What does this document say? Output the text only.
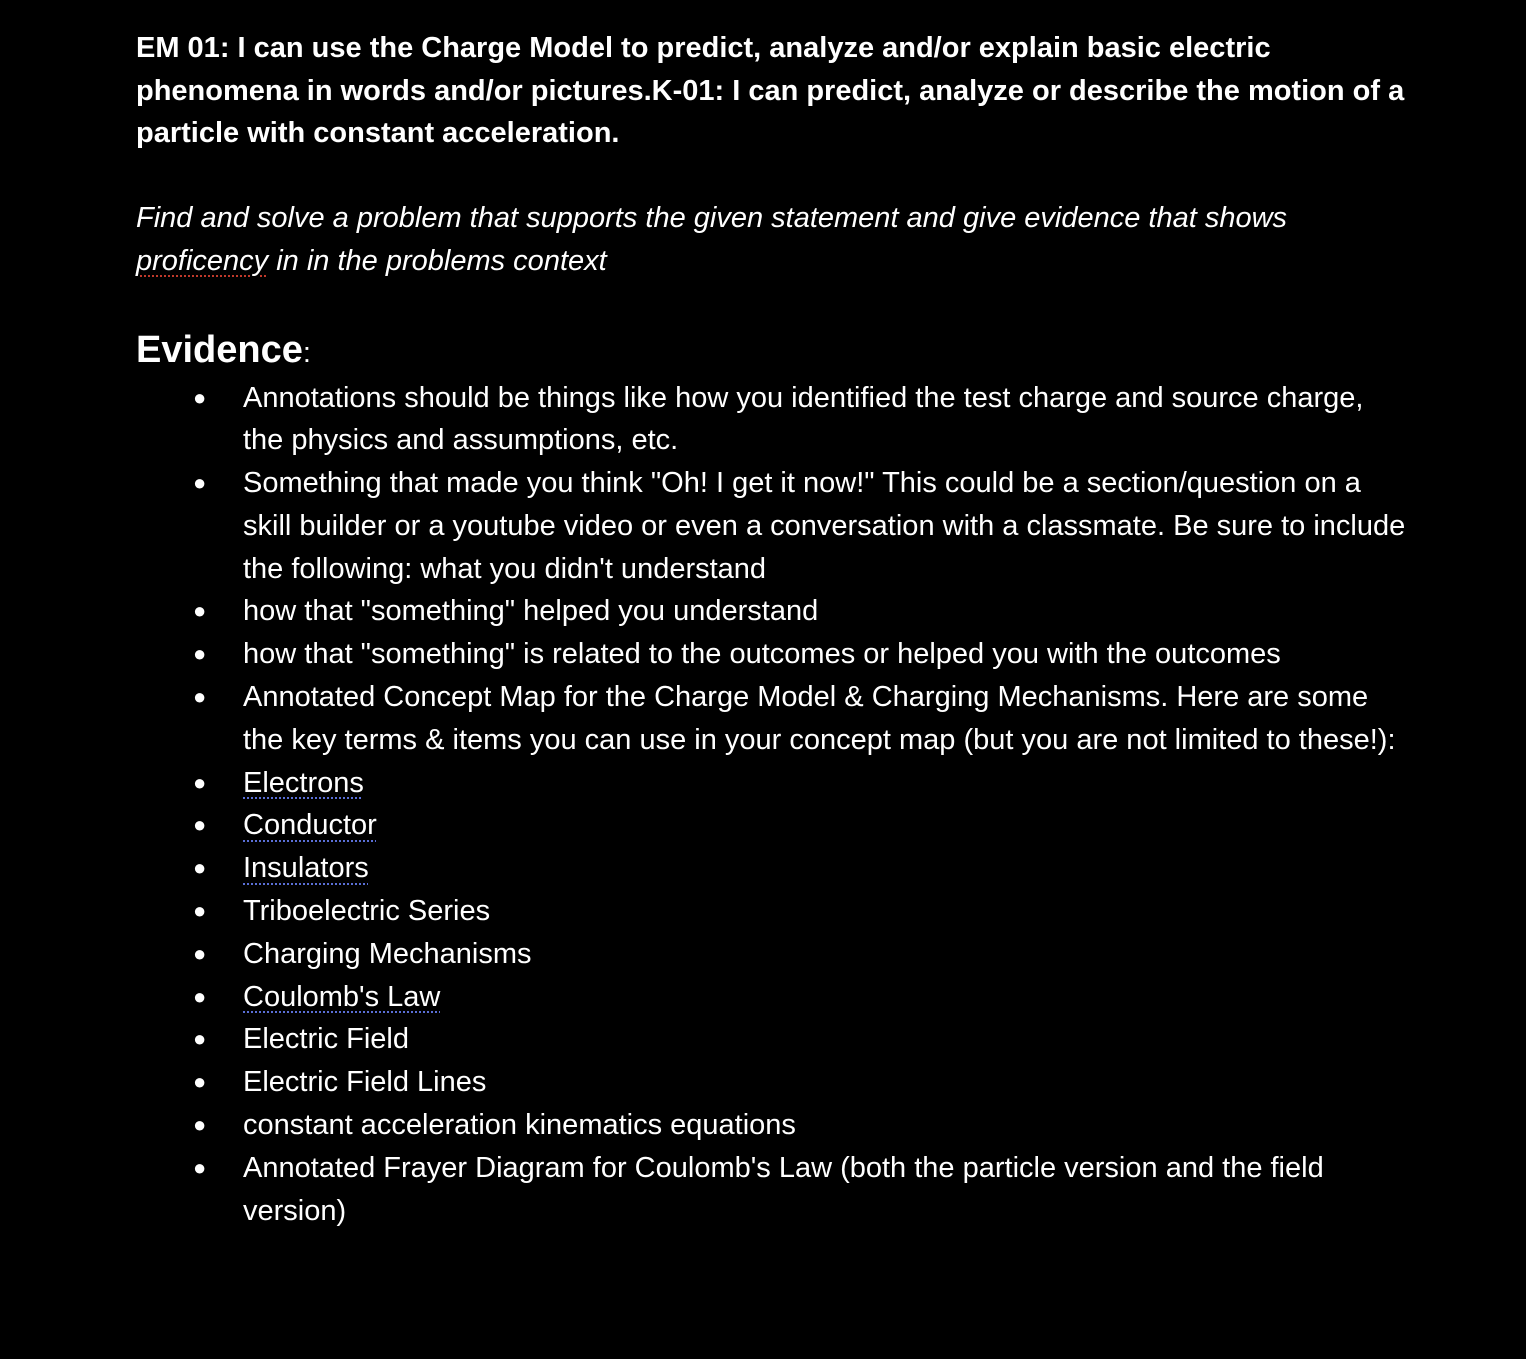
EM 01: I can use the Charge Model to predict, analyze and/or explain basic electric phenomena in words and/or pictures.K-01: I can predict, analyze or describe the motion of a particle with constant acceleration.

Find and solve a problem that supports the given statement and give evidence that shows proficency in in the problems context

Evidence:
● Annotations should be things like how you identified the test charge and source charge, the physics and assumptions, etc.
● Something that made you think "Oh! I get it now!" This could be a section/question on a skill builder or a youtube video or even a conversation with a classmate. Be sure to include the following: what you didn't understand
● how that "something" helped you understand
● how that "something" is related to the outcomes or helped you with the outcomes
● Annotated Concept Map for the Charge Model & Charging Mechanisms. Here are some the key terms & items you can use in your concept map (but you are not limited to these!):
● Electrons
● Conductor
● Insulators
● Triboelectric Series
● Charging Mechanisms
● Coulomb's Law
● Electric Field
● Electric Field Lines
● constant acceleration kinematics equations
● Annotated Frayer Diagram for Coulomb's Law (both the particle version and the field version)
